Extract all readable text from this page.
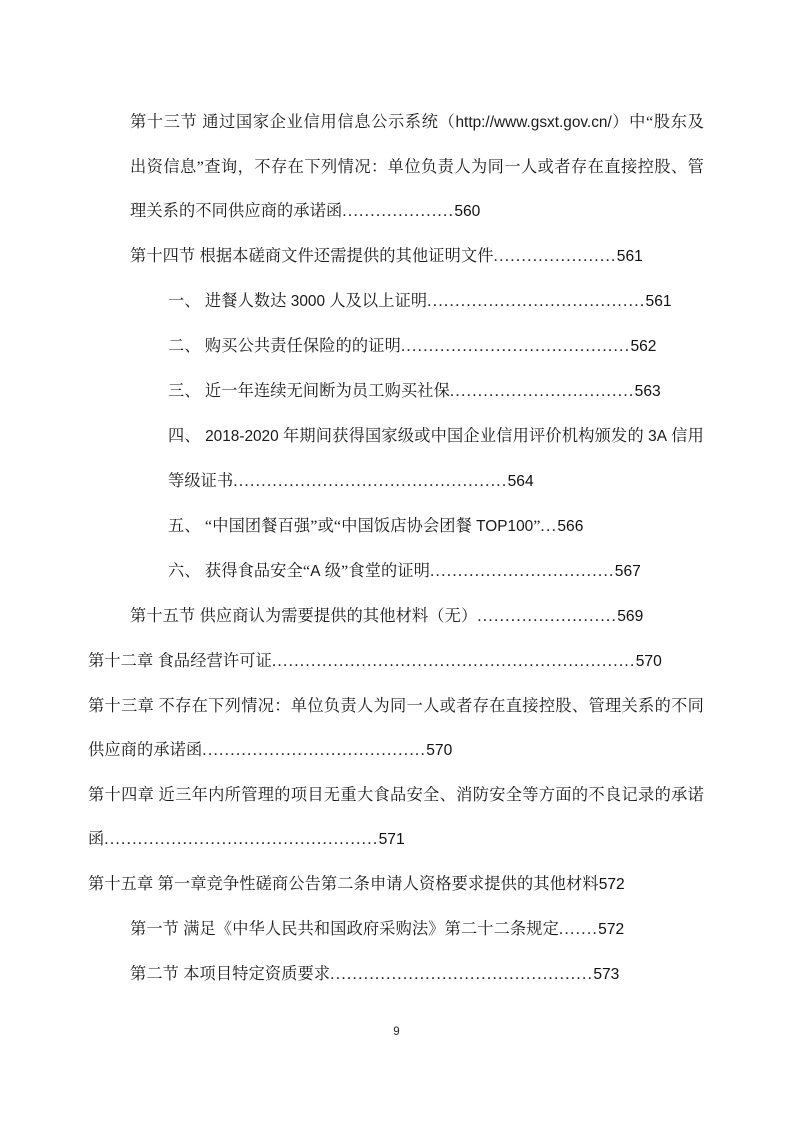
第十三节 通过国家企业信用信息公示系统（http://www.gsxt.gov.cn/）中“股东及出资信息”查询，不存在下列情况：单位负责人为同一人或者存在直接控股、管理关系的不同供应商的承诺函....................560
第十四节 根据本磋商文件还需提供的其他证明文件......................561
一、 进餐人数达 3000 人及以上证明.......................................561
二、 购买公共责任保险的的证明.........................................562
三、 近一年连续无间断为员工购买社保.................................563
四、 2018-2020 年期间获得国家级或中国企业信用评价机构颁发的 3A 信用等级证书.................................................564
五、 “中国团餐百强”或“中国饭店协会团餐 TOP100”...566
六、 获得食品安全“A 级”食堂的证明.................................567
第十五节 供应商认为需要提供的其他材料（无）.........................569
第十二章 食品经营许可证.................................................................570
第十三章 不存在下列情况：单位负责人为同一人或者存在直接控股、管理关系的不同供应商的承诺函........................................570
第十四章 近三年内所管理的项目无重大食品安全、消防安全等方面的不良记录的承诺函.................................................571
第十五章 第一章竞争性磋商公告第二条申请人资格要求提供的其他材料572
第一节 满足《中华人民共和国政府采购法》第二十二条规定.......572
第二节 本项目特定资质要求...............................................573
9
